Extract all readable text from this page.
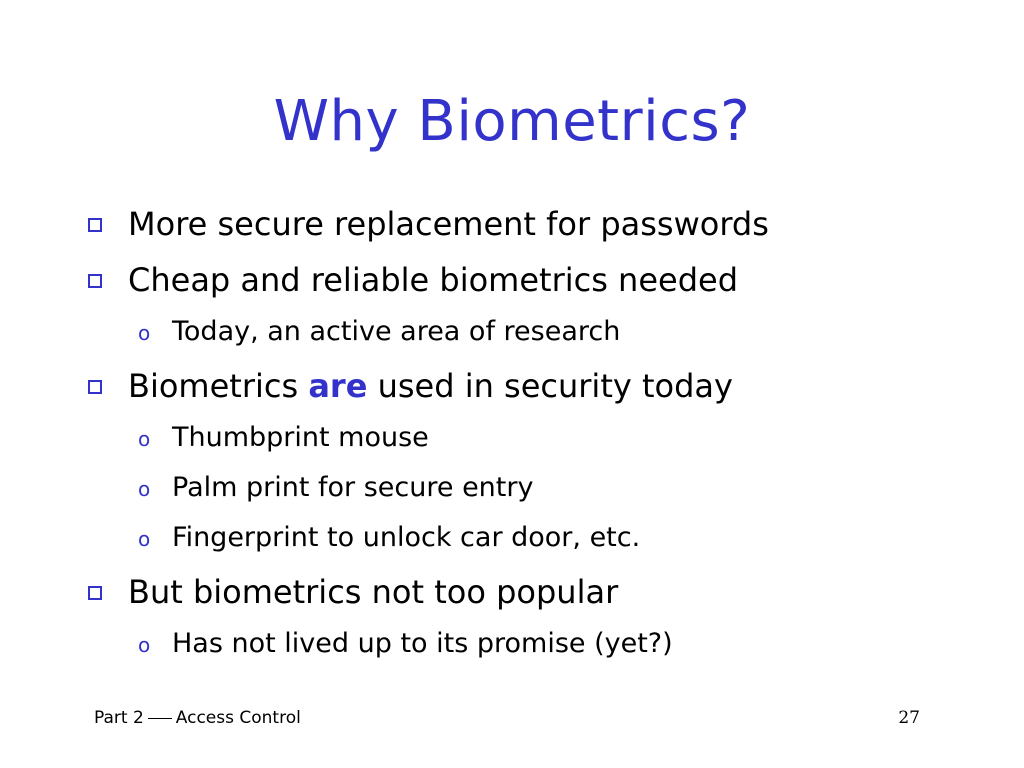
Why Biometrics?
More secure replacement for passwords
Cheap and reliable biometrics needed
o Today, an active area of research
Biometrics are used in security today
o Thumbprint mouse
o Palm print for secure entry
o Fingerprint to unlock car door, etc.
But biometrics not too popular
o Has not lived up to its promise (yet?)
Part 2 Access Control	27
